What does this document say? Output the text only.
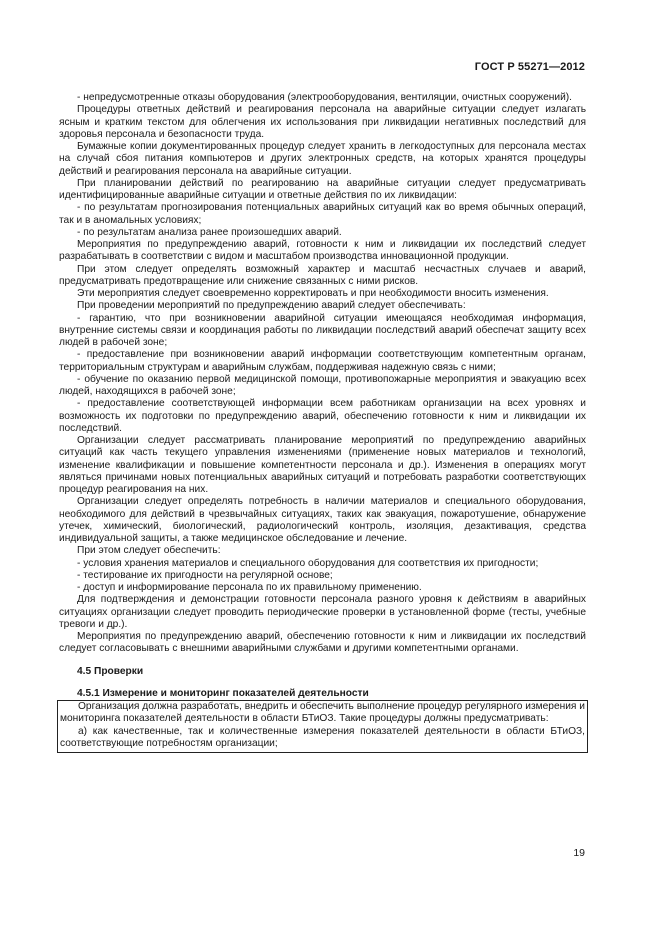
ГОСТ Р 55271—2012

- непредусмотренные отказы оборудования (электрооборудования, вентиляции, очистных сооружений).

Процедуры ответных действий и реагирования персонала на аварийные ситуации следует излагать ясным и кратким текстом для облегчения их использования при ликвидации негативных последствий для здоровья персонала и безопасности труда.

Бумажные копии документированных процедур следует хранить в легкодоступных для персонала местах на случай сбоя питания компьютеров и других электронных средств, на которых хранятся процедуры действий и реагирования персонала на аварийные ситуации.

При планировании действий по реагированию на аварийные ситуации следует предусматривать идентифицированные аварийные ситуации и ответные действия по их ликвидации:

- по результатам прогнозирования потенциальных аварийных ситуаций как во время обычных операций, так и в аномальных условиях;

- по результатам анализа ранее произошедших аварий.

Мероприятия по предупреждению аварий, готовности к ним и ликвидации их последствий следует разрабатывать в соответствии с видом и масштабом производства инновационной продукции.

При этом следует определять возможный характер и масштаб несчастных случаев и аварий, предусматривать предотвращение или снижение связанных с ними рисков.

Эти мероприятия следует своевременно корректировать и при необходимости вносить изменения.

При проведении мероприятий по предупреждению аварий следует обеспечивать:

- гарантию, что при возникновении аварийной ситуации имеющаяся необходимая информация, внутренние системы связи и координация работы по ликвидации последствий аварий обеспечат защиту всех людей в рабочей зоне;

- предоставление при возникновении аварий информации соответствующим компетентным органам, территориальным структурам и аварийным службам, поддерживая надежную связь с ними;

- обучение по оказанию первой медицинской помощи, противопожарные мероприятия и эвакуацию всех людей, находящихся в рабочей зоне;

- предоставление соответствующей информации всем работникам организации на всех уровнях и возможность их подготовки по предупреждению аварий, обеспечению готовности к ним и ликвидации их последствий.

Организации следует рассматривать планирование мероприятий по предупреждению аварийных ситуаций как часть текущего управления изменениями (применение новых материалов и технологий, изменение квалификации и повышение компетентности персонала и др.). Изменения в операциях могут являться причинами новых потенциальных аварийных ситуаций и потребовать разработки соответствующих процедур реагирования на них.

Организации следует определять потребность в наличии материалов и специального оборудования, необходимого для действий в чрезвычайных ситуациях, таких как эвакуация, пожаротушение, обнаружение утечек, химический, биологический, радиологический контроль, изоляция, дезактивация, средства индивидуальной защиты, а также медицинское обследование и лечение.

При этом следует обеспечить:

- условия хранения материалов и специального оборудования для соответствия их пригодности;

- тестирование их пригодности на регулярной основе;

- доступ и информирование персонала по их правильному применению.

Для подтверждения и демонстрации готовности персонала разного уровня к действиям в аварийных ситуациях организации следует проводить периодические проверки в установленной форме (тесты, учебные тревоги и др.).

Мероприятия по предупреждению аварий, обеспечению готовности к ним и ликвидации их последствий следует согласовывать с внешними аварийными службами и другими компетентными органами.

4.5 Проверки

4.5.1 Измерение и мониторинг показателей деятельности

Организация должна разработать, внедрить и обеспечить выполнение процедур регулярного измерения и мониторинга показателей деятельности в области БТиОЗ. Такие процедуры должны предусматривать:

а) как качественные, так и количественные измерения показателей деятельности в области БТиОЗ, соответствующие потребностям организации;

19
